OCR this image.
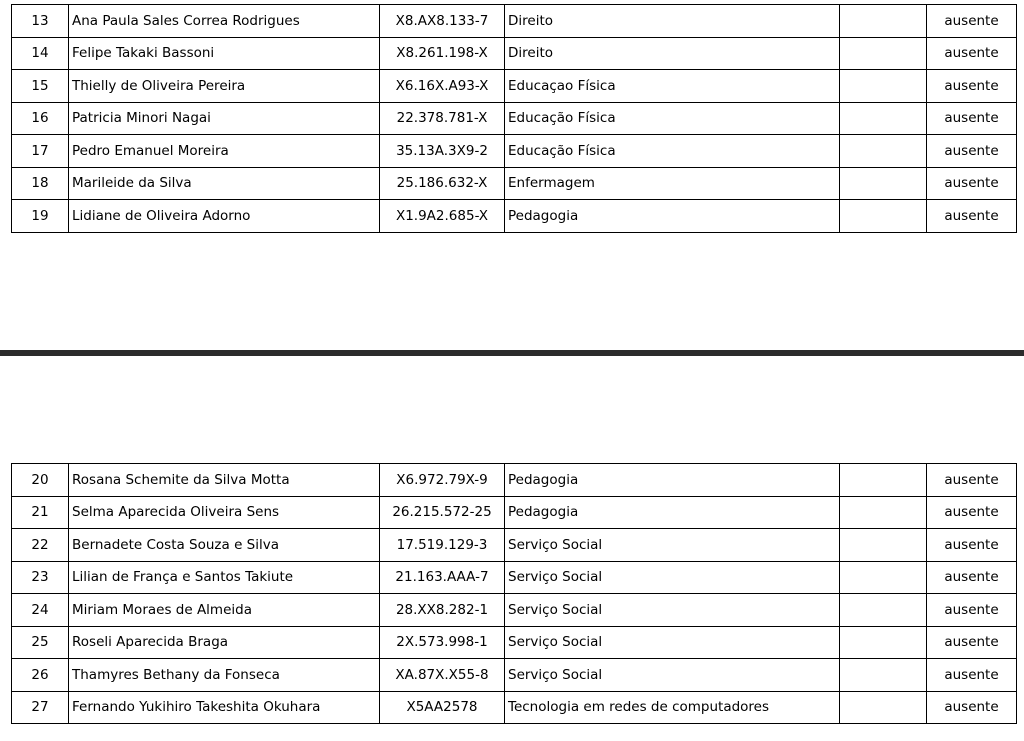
13	Ana Paula Sales Correa Rodrigues	X8.AX8.133-7	Direito		ausente
14	Felipe Takaki Bassoni	X8.261.198-X	Direito		ausente
15	Thielly de Oliveira Pereira	X6.16X.A93-X	Educaçao Física		ausente
16	Patricia Minori Nagai	22.378.781-X	Educação Física		ausente
17	Pedro Emanuel Moreira	35.13A.3X9-2	Educação Física		ausente
18	Marileide da Silva	25.186.632-X	Enfermagem		ausente
19	Lidiane de Oliveira Adorno	X1.9A2.685-X	Pedagogia		ausente
20	Rosana Schemite da Silva Motta	X6.972.79X-9	Pedagogia		ausente
21	Selma Aparecida Oliveira Sens	26.215.572-25	Pedagogia		ausente
22	Bernadete Costa Souza e Silva	17.519.129-3	Serviço Social		ausente
23	Lilian de França e Santos Takiute	21.163.AAA-7	Serviço Social		ausente
24	Miriam Moraes de Almeida	28.XX8.282-1	Serviço Social		ausente
25	Roseli Aparecida Braga	2X.573.998-1	Serviço Social		ausente
26	Thamyres Bethany da Fonseca	XA.87X.X55-8	Serviço Social		ausente
27	Fernando Yukihiro Takeshita Okuhara	X5AA2578	Tecnologia em redes de computadores		ausente
